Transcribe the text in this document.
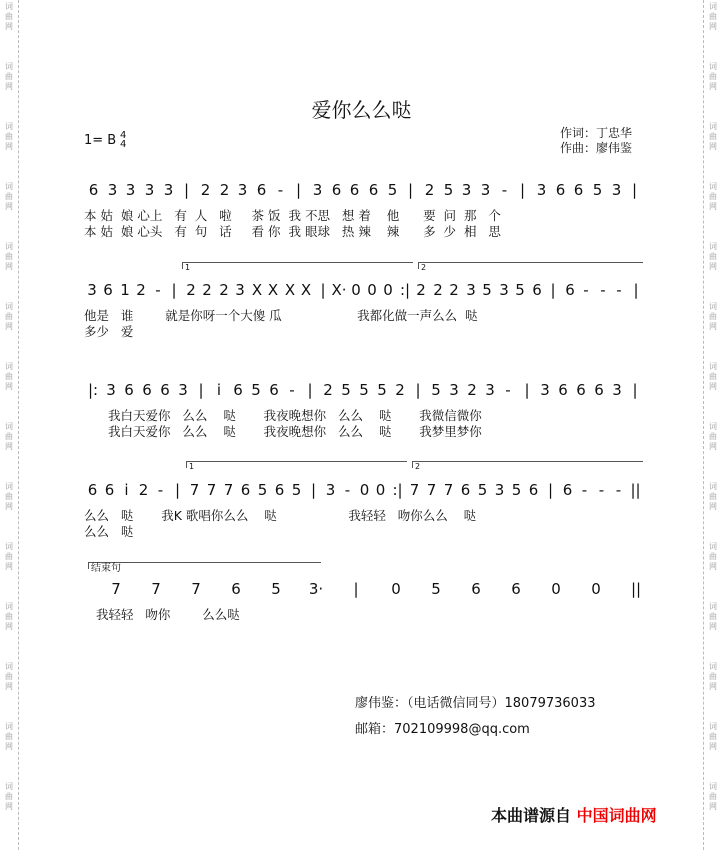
词
曲
网
词
曲
网
词
曲
网
词
曲
网
词
曲
网
词
曲
网
词
曲
网
词
曲
网
词
曲
网
词
曲
网
词
曲
网
词
曲
网
词
曲
网
词
曲
网
词
曲
网
词
曲
网
词
曲
网
词
曲
网
词
曲
网
词
曲
网
词
曲
网
词
曲
网
词
曲
网
词
曲
网
词
曲
网
词
曲
网
词
曲
网
词
曲
网
爱你么么哒
1= B 4
4
作词：丁忠华
作曲：廖伟鉴
6 3 3 3 3 | 2 2 3 6 - | 3 6 6 6 5 | 2 5 3 3 - | 3 6 6 5 3 |
本 姑  娘 心上   有  人   啦     茶 饭  我 不思   想 着    他      要  问  那   个
本 姑  娘 心头   有  句   话     看 你  我 眼球   热 辣    辣      多  少  相   思
1	2
3 6 1 2 - | 2 2 2 3 X X X X | X· 0 0 0 :| 2 2 2 3 5 3 5 6 | 6 - - - |
他是   谁        就是你呀一个大傻 瓜                   我都化做一声么么  哒
多少   爱
|: 3 6 6 6 3 | i 6 5 6 - | 2 5 5 5 2 | 5 3 2 3 - | 3 6 6 6 3 |
我白天爱你   么么    哒       我夜晚想你   么么    哒       我微信微你
我白天爱你   么么    哒       我夜晚想你   么么    哒       我梦里梦你
1	2
6 6 i 2 - | 7 7 7 6 5 6 5 | 3 - 0 0 :| 7 7 7 6 5 3 5 6 | 6 - - - ||
么么   哒       我K 歌唱你么么    哒                  我轻轻   吻你么么    哒
么么   哒
结束句
7	7	7	6	5	3·	|	0	5	6	6	0	0	||
我轻轻   吻你        么么哒
廖伟鉴：（电话微信同号）18079736033
邮箱：702109998@qq.com
本曲谱源自 中国词曲网
